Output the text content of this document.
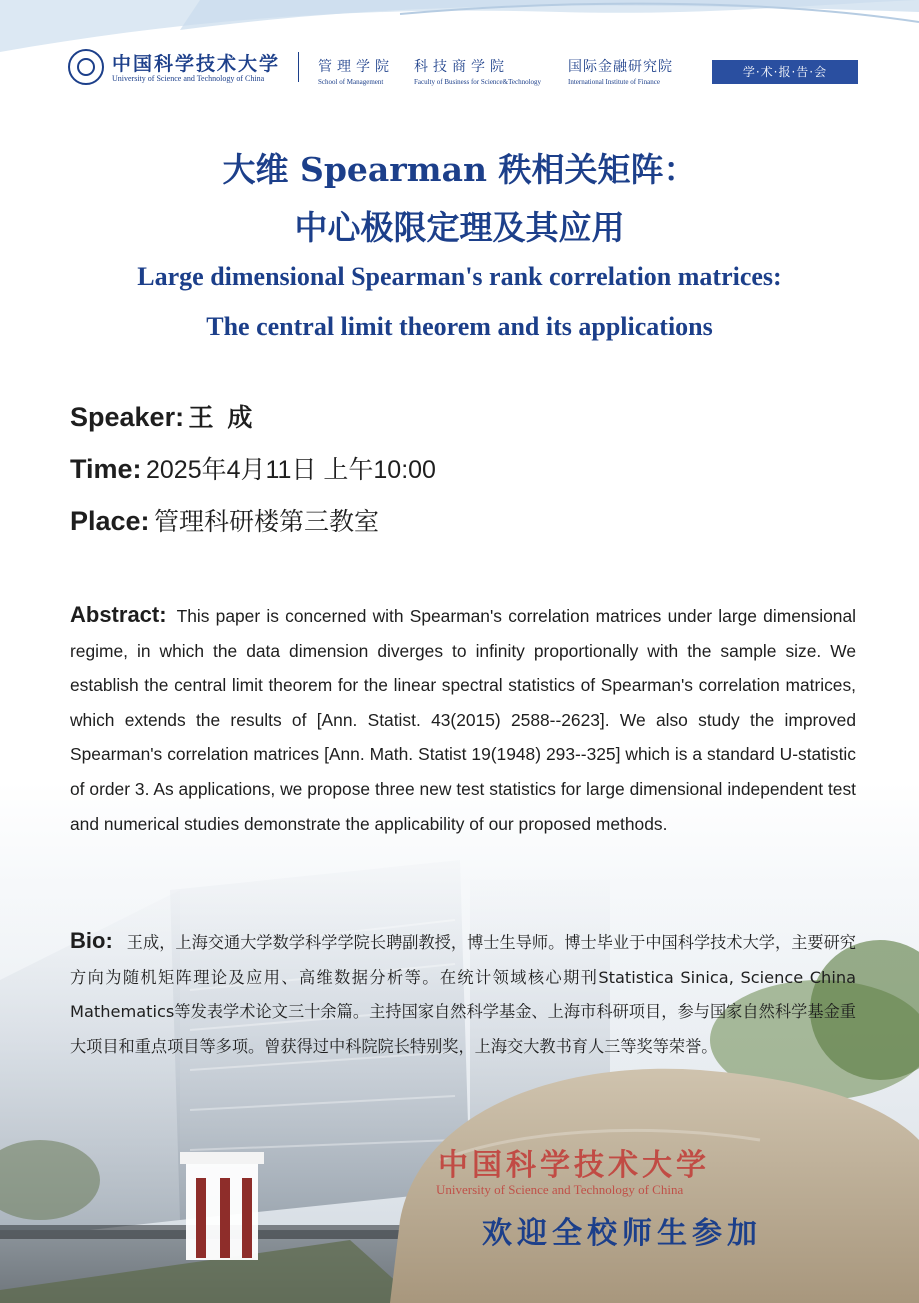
中国科学技术大学
University of Science and Technology of China
管理学院
School of Management
科技商学院
Faculty of Business for Science&Technology
国际金融研究院
International Institute of Finance
学·术·报·告·会
大维 Spearman 秩相关矩阵：
中心极限定理及其应用
Large dimensional Spearman's rank correlation matrices:
The central limit theorem and its applications
Speaker: 王  成
Time: 2025年4月11日 上午10:00
Place: 管理科研楼第三教室
Abstract: This paper is concerned with Spearman's correlation matrices under large dimensional regime, in which the data dimension diverges to infinity proportionally with the sample size. We establish the central limit theorem for the linear spectral statistics of Spearman's correlation matrices, which extends the results of [Ann. Statist. 43(2015) 2588--2623]. We also study the improved Spearman's correlation matrices [Ann. Math. Statist 19(1948) 293--325] which is a standard U-statistic of order 3. As applications, we propose three new test statistics for large dimensional independent test and numerical studies demonstrate the applicability of our proposed methods.
Bio: 王成，上海交通大学数学科学学院长聘副教授，博士生导师。博士毕业于中国科学技术大学，主要研究方向为随机矩阵理论及应用、高维数据分析等。在统计领域核心期刊Statistica Sinica, Science China Mathematics等发表学术论文三十余篇。主持国家自然科学基金、上海市科研项目，参与国家自然科学基金重大项目和重点项目等多项。曾获得过中科院院长特别奖，上海交大教书育人三等奖等荣誉。
中国科学技术大学
University of Science and Technology of China
欢迎全校师生参加
